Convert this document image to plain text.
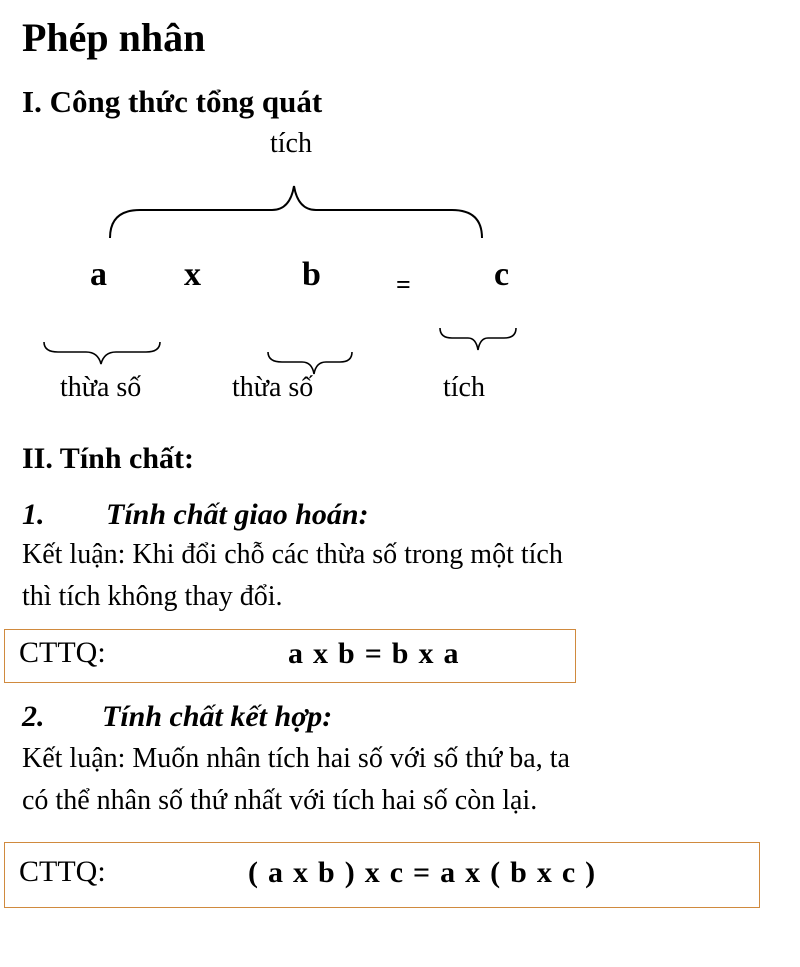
Phép nhân
I. Công thức tổng quát
tích
a x	b	= c
thừa số	thừa số	tích
II. Tính chất:
1. Tính chất giao hoán:
Kết luận: Khi đổi chỗ các thừa số trong một tích
thì tích không thay đổi.
CTTQ:	a x b = b x a
2. Tính chất kết hợp:
Kết luận: Muốn nhân tích hai số với số thứ ba, ta
có thể nhân số thứ nhất với tích hai số còn lại.
CTTQ:	( a x b ) x c = a x ( b x c )
